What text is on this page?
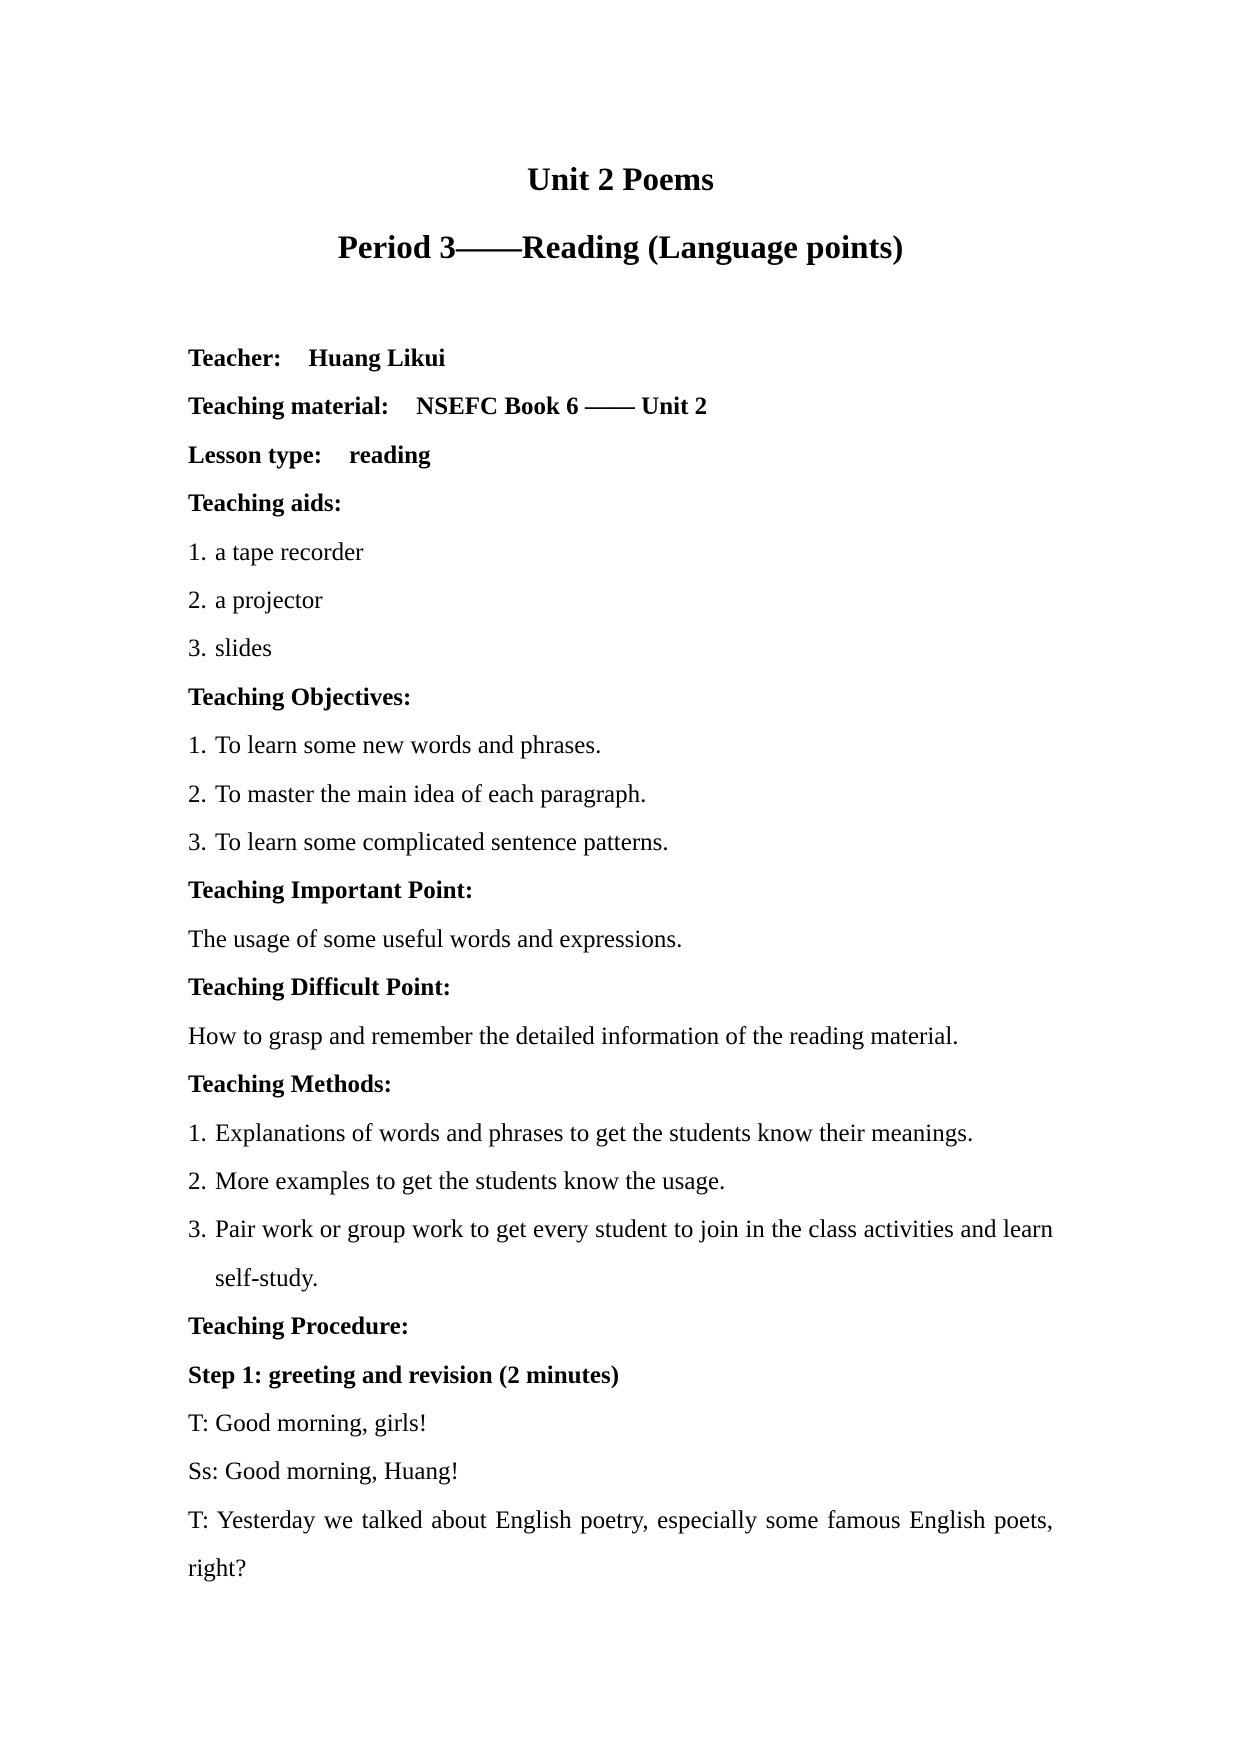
Unit 2 Poems
Period 3——Reading (Language points)
Teacher: Huang Likui
Teaching material: NSEFC Book 6 —— Unit 2
Lesson type: reading
Teaching aids:
1. a tape recorder
2. a projector
3. slides
Teaching Objectives:
1. To learn some new words and phrases.
2. To master the main idea of each paragraph.
3. To learn some complicated sentence patterns.
Teaching Important Point:
The usage of some useful words and expressions.
Teaching Difficult Point:
How to grasp and remember the detailed information of the reading material.
Teaching Methods:
1. Explanations of words and phrases to get the students know their meanings.
2. More examples to get the students know the usage.
3. Pair work or group work to get every student to join in the class activities and learn self-study.
Teaching Procedure:
Step 1: greeting and revision (2 minutes)
T: Good morning, girls!
Ss: Good morning, Huang!
T: Yesterday we talked about English poetry, especially some famous English poets, right?
